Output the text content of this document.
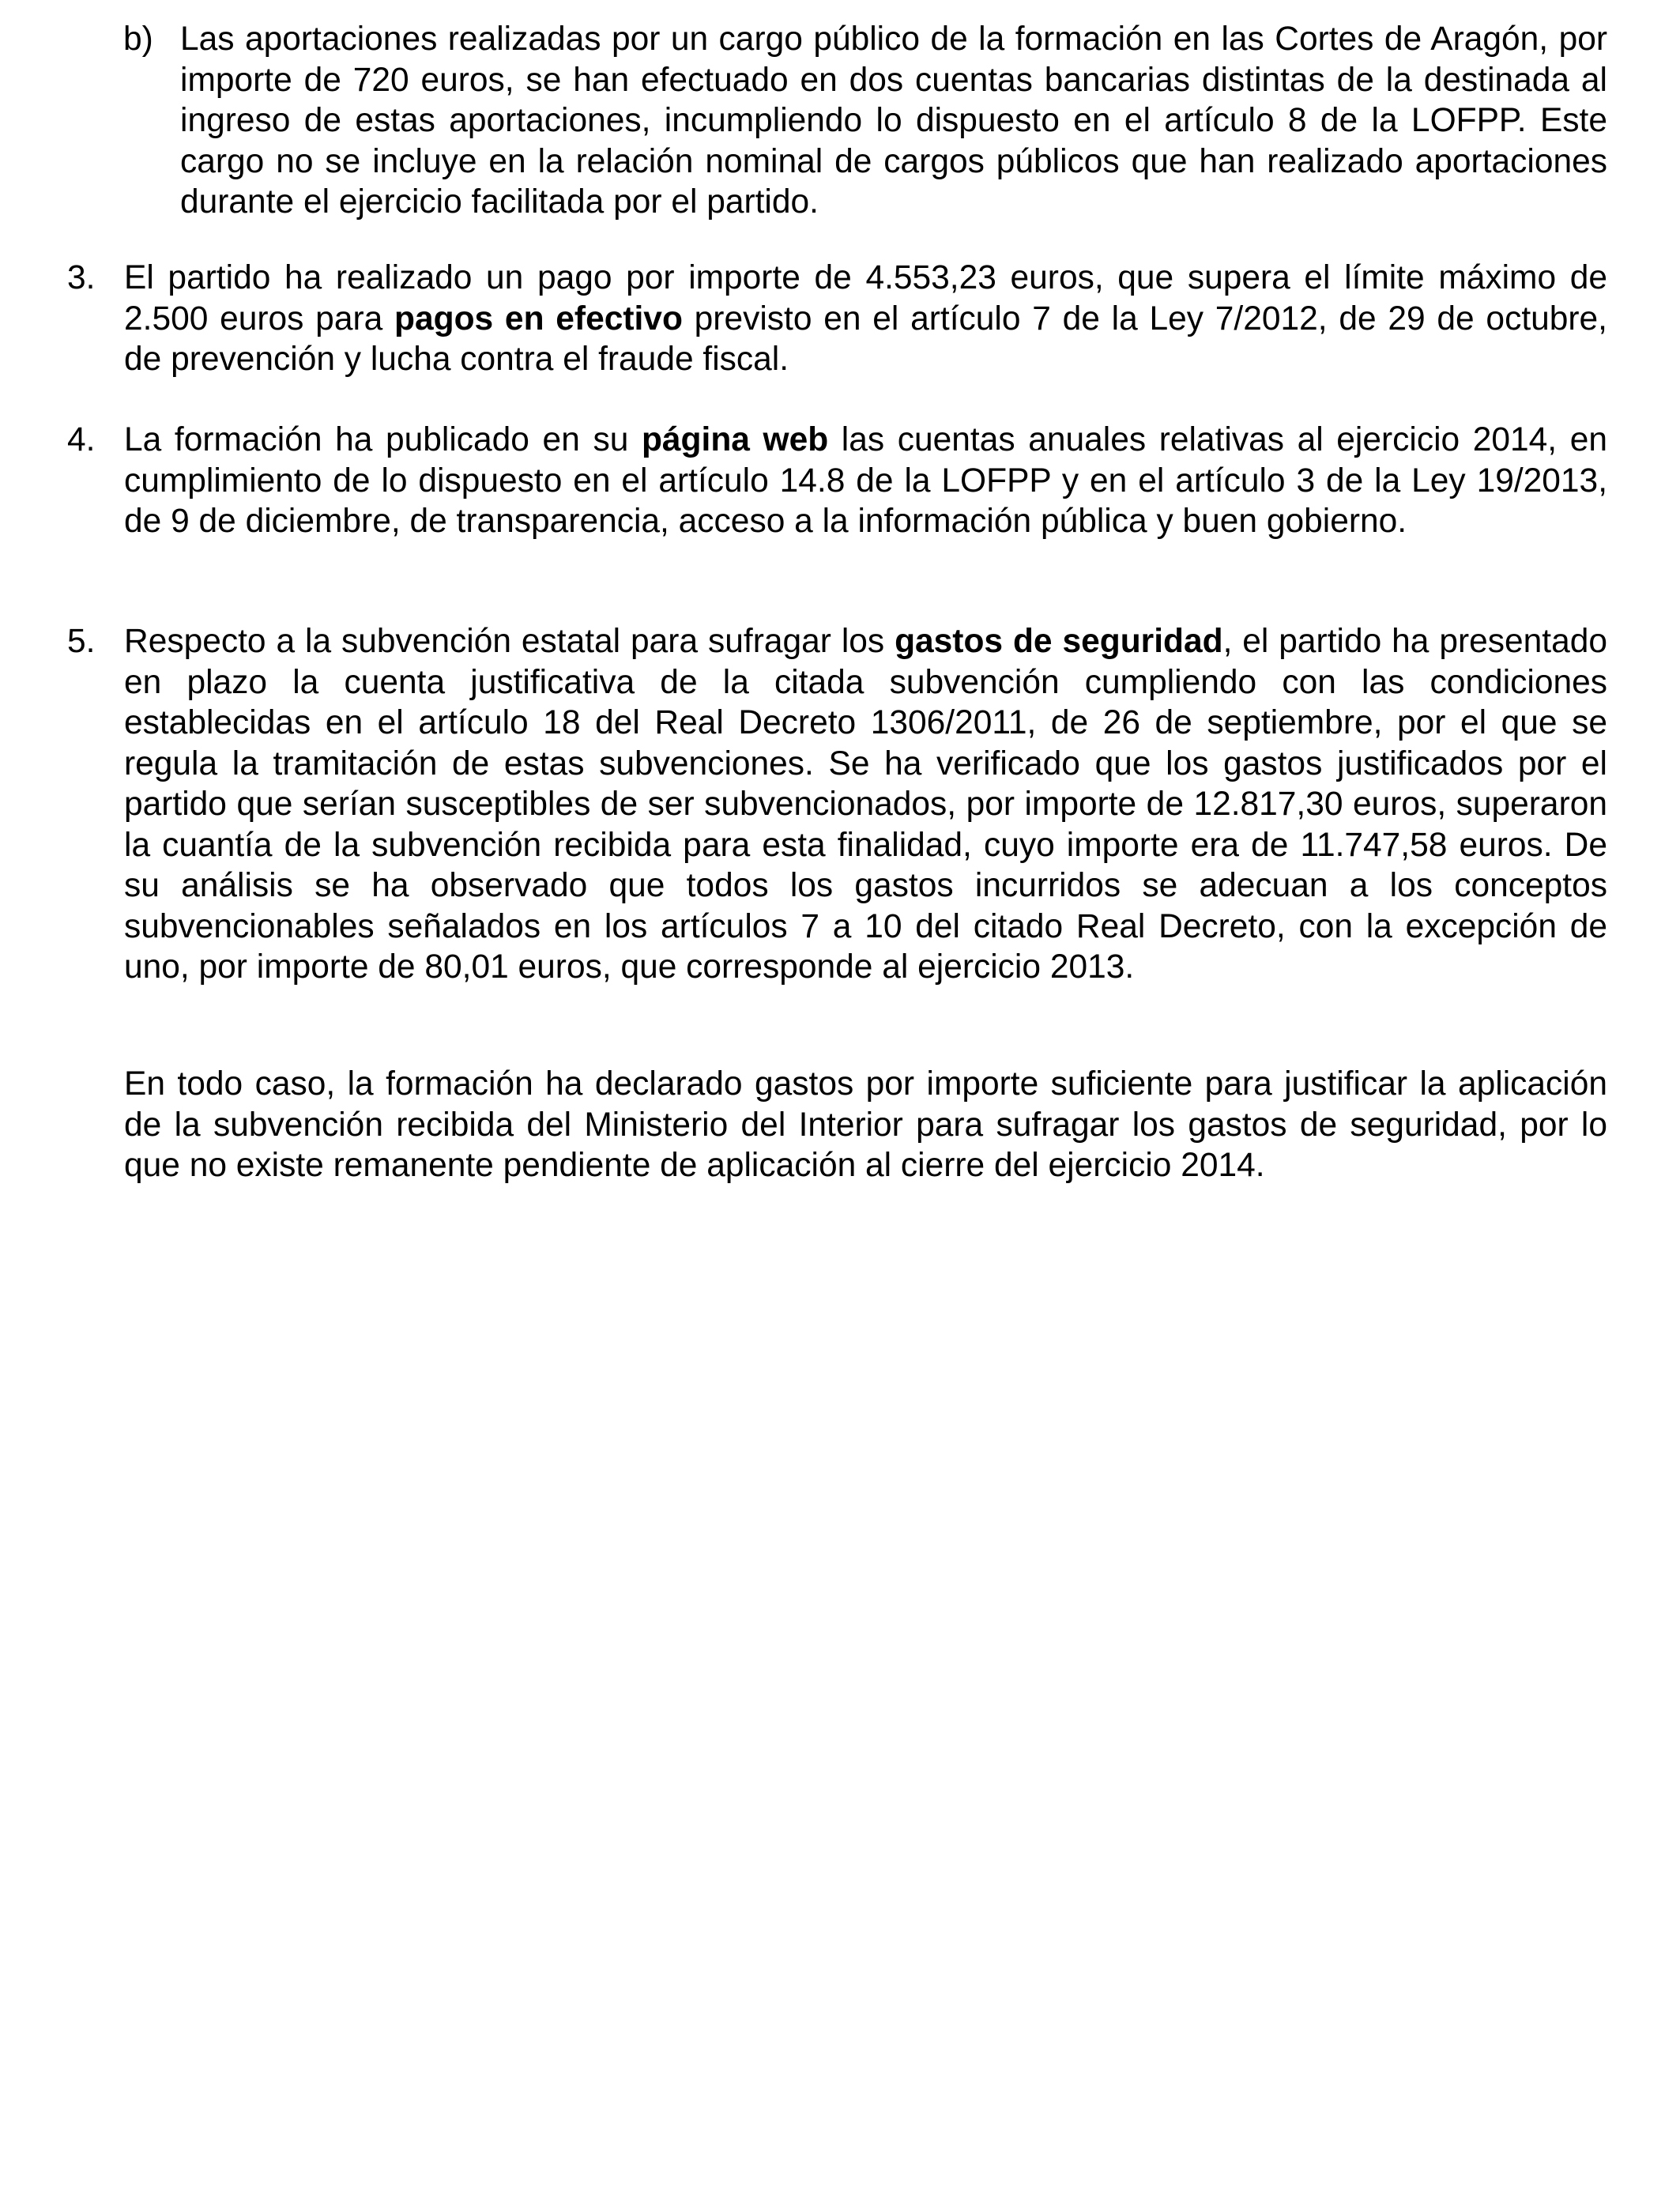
b) Las aportaciones realizadas por un cargo público de la formación en las Cortes de Aragón, por importe de 720 euros, se han efectuado en dos cuentas bancarias distintas de la destinada al ingreso de estas aportaciones, incumpliendo lo dispuesto en el artículo 8 de la LOFPP. Este cargo no se incluye en la relación nominal de cargos públicos que han realizado aportaciones durante el ejercicio facilitada por el partido.
3. El partido ha realizado un pago por importe de 4.553,23 euros, que supera el límite máximo de 2.500 euros para pagos en efectivo previsto en el artículo 7 de la Ley 7/2012, de 29 de octubre, de prevención y lucha contra el fraude fiscal.
4. La formación ha publicado en su página web las cuentas anuales relativas al ejercicio 2014, en cumplimiento de lo dispuesto en el artículo 14.8 de la LOFPP y en el artículo 3 de la Ley 19/2013, de 9 de diciembre, de transparencia, acceso a la información pública y buen gobierno.
5. Respecto a la subvención estatal para sufragar los gastos de seguridad, el partido ha presentado en plazo la cuenta justificativa de la citada subvención cumpliendo con las condiciones establecidas en el artículo 18 del Real Decreto 1306/2011, de 26 de septiembre, por el que se regula la tramitación de estas subvenciones. Se ha verificado que los gastos justificados por el partido que serían susceptibles de ser subvencionados, por importe de 12.817,30 euros, superaron la cuantía de la subvención recibida para esta finalidad, cuyo importe era de 11.747,58 euros. De su análisis se ha observado que todos los gastos incurridos se adecuan a los conceptos subvencionables señalados en los artículos 7 a 10 del citado Real Decreto, con la excepción de uno, por importe de 80,01 euros, que corresponde al ejercicio 2013.
En todo caso, la formación ha declarado gastos por importe suficiente para justificar la aplicación de la subvención recibida del Ministerio del Interior para sufragar los gastos de seguridad, por lo que no existe remanente pendiente de aplicación al cierre del ejercicio 2014.
